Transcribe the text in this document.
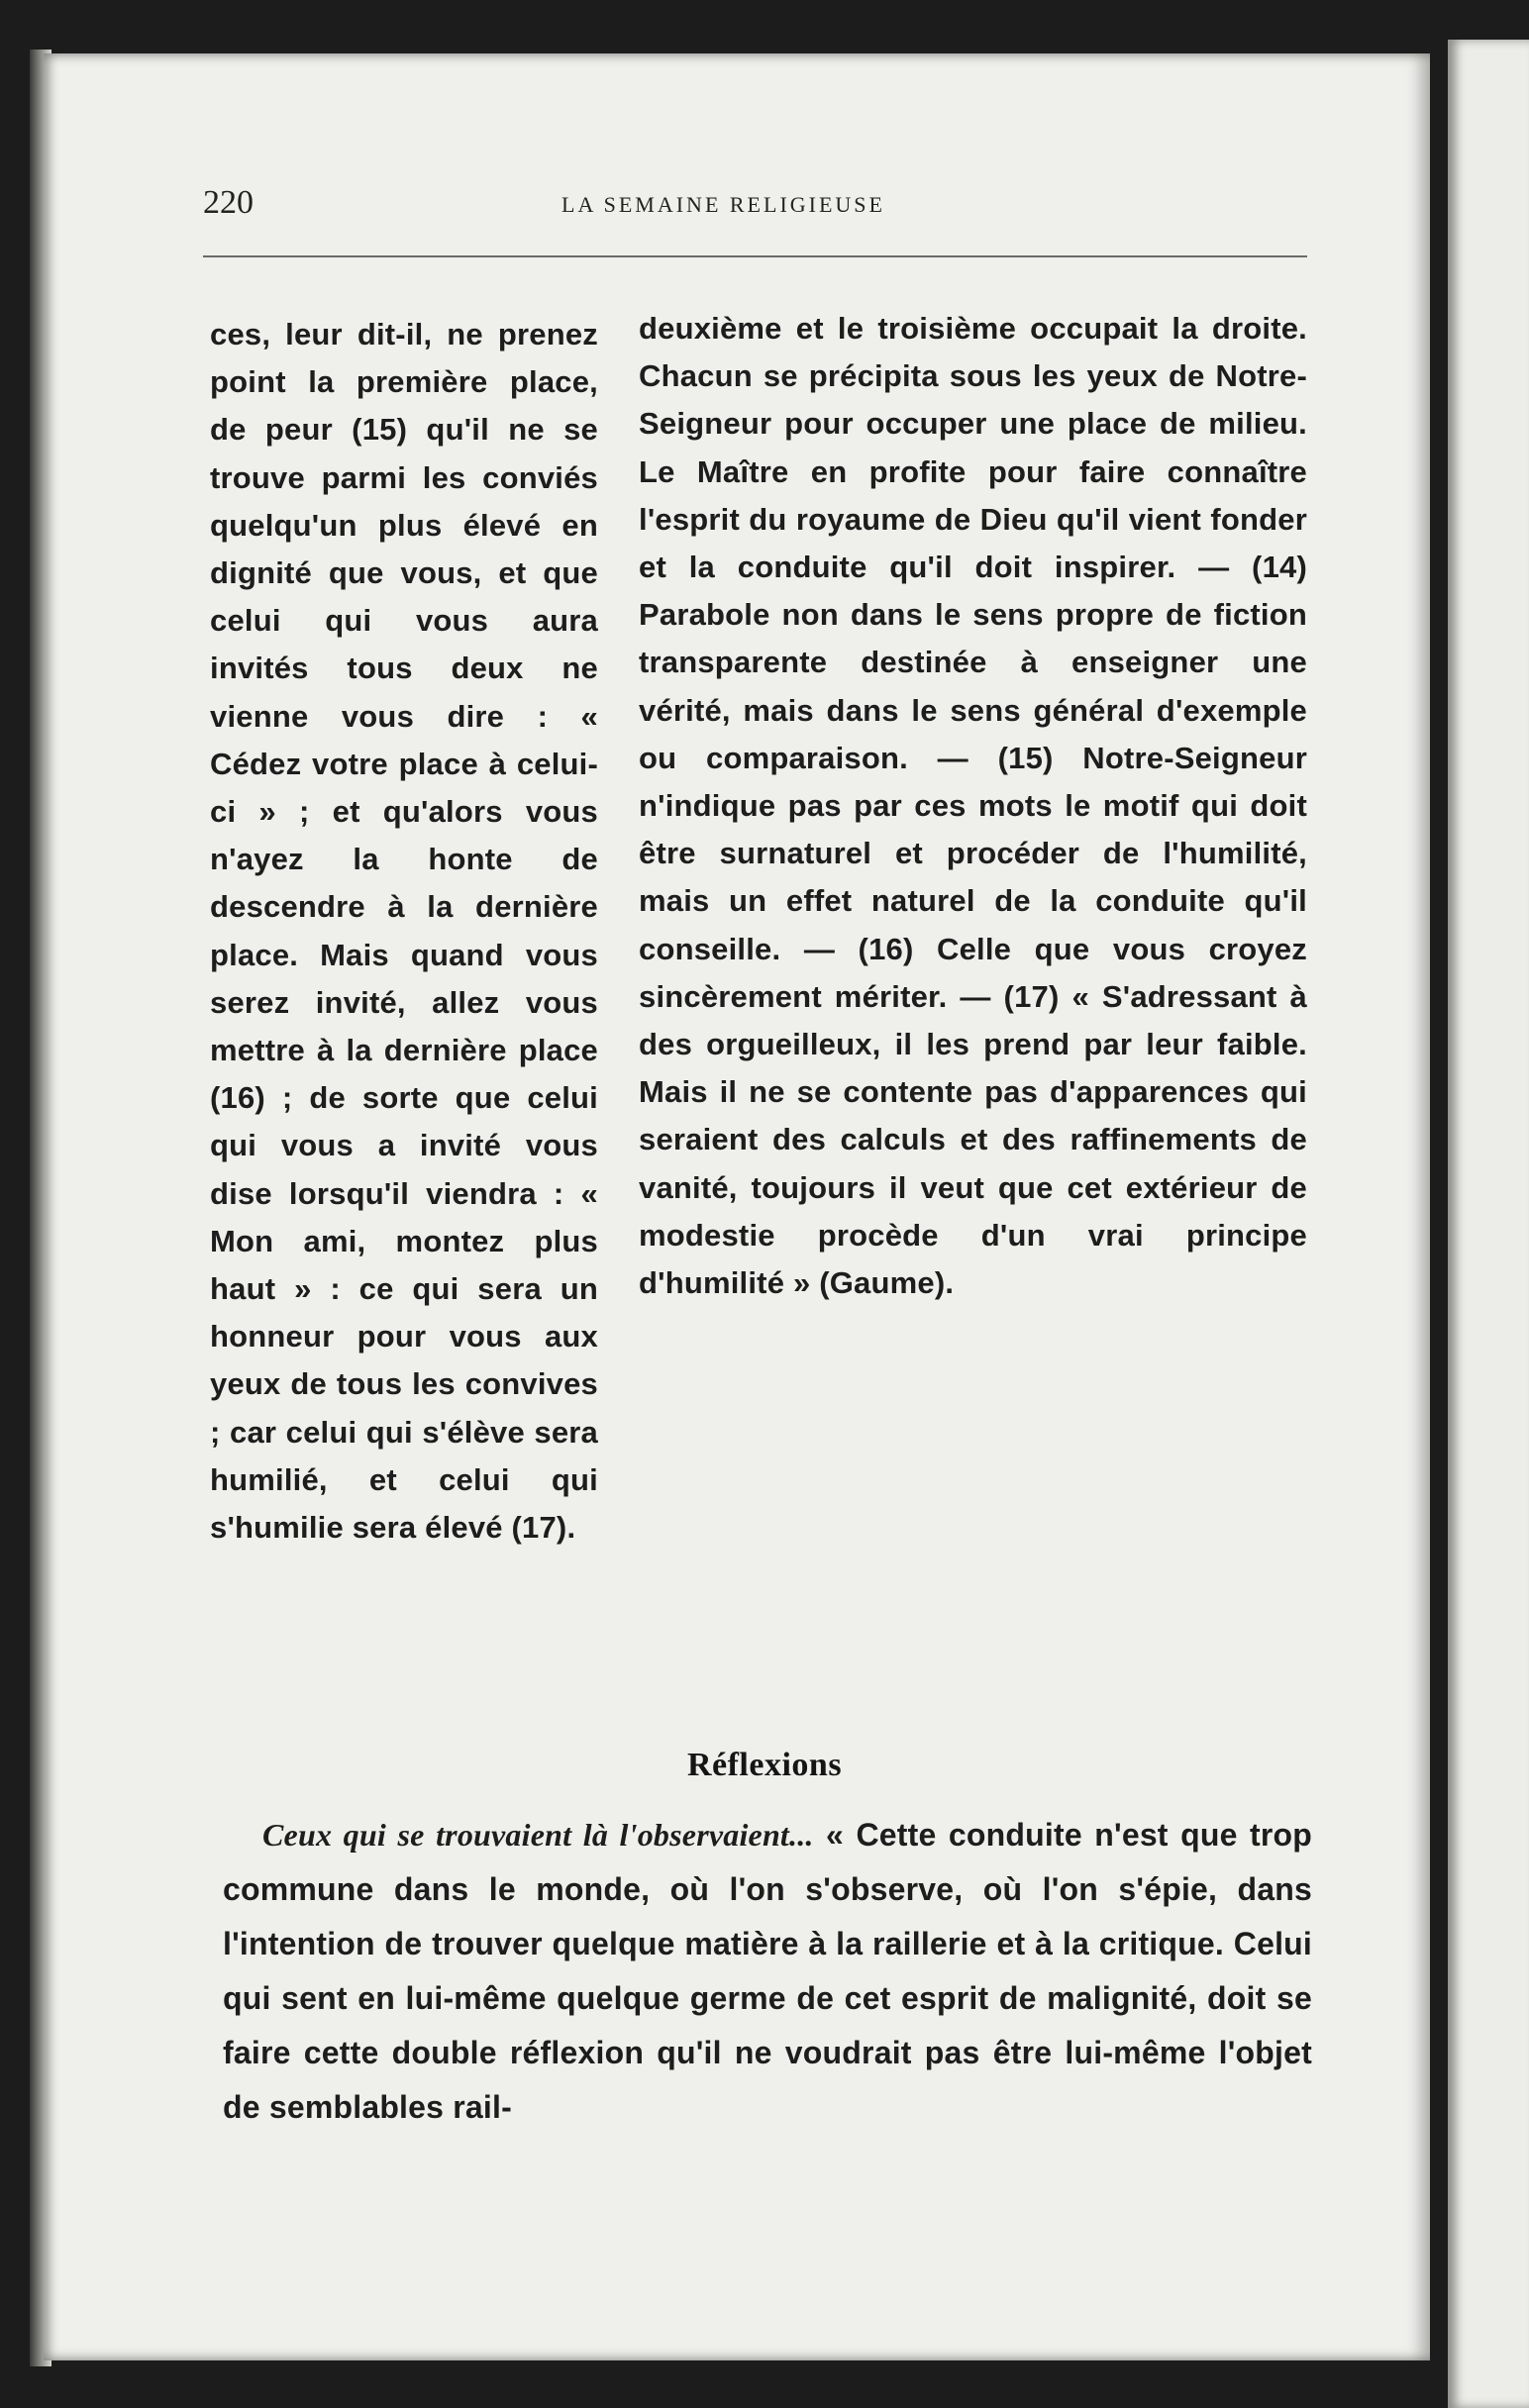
220	LA SEMAINE RELIGIEUSE
ces, leur dit-il, ne prenez point la première place, de peur (15) qu'il ne se trouve parmi les conviés quelqu'un plus élevé en dignité que vous, et que celui qui vous aura invités tous deux ne vienne vous dire : « Cédez votre place à celui-ci » ; et qu'alors vous n'ayez la honte de descendre à la dernière place. Mais quand vous serez invité, allez vous mettre à la dernière place (16) ; de sorte que celui qui vous a invité vous dise lorsqu'il viendra : « Mon ami, montez plus haut » : ce qui sera un honneur pour vous aux yeux de tous les convives ; car celui qui s'élève sera humilié, et celui qui s'humilie sera élevé (17).
deuxième et le troisième occupait la droite. Chacun se précipita sous les yeux de Notre-Seigneur pour occuper une place de milieu. Le Maître en profite pour faire connaître l'esprit du royaume de Dieu qu'il vient fonder et la conduite qu'il doit inspirer. — (14) Parabole non dans le sens propre de fiction transparente destinée à enseigner une vérité, mais dans le sens général d'exemple ou comparaison. — (15) Notre-Seigneur n'indique pas par ces mots le motif qui doit être surnaturel et procéder de l'humilité, mais un effet naturel de la conduite qu'il conseille. — (16) Celle que vous croyez sincèrement mériter. — (17) « S'adressant à des orgueilleux, il les prend par leur faible. Mais il ne se contente pas d'apparences qui seraient des calculs et des raffinements de vanité, toujours il veut que cet extérieur de modestie procède d'un vrai principe d'humilité » (Gaume).
Réflexions
Ceux qui se trouvaient là l'observaient... « Cette conduite n'est que trop commune dans le monde, où l'on s'observe, où l'on s'épie, dans l'intention de trouver quelque matière à la raillerie et à la critique. Celui qui sent en lui-même quelque germe de cet esprit de malignité, doit se faire cette double réflexion qu'il ne voudrait pas être lui-même l'objet de semblables rail-
